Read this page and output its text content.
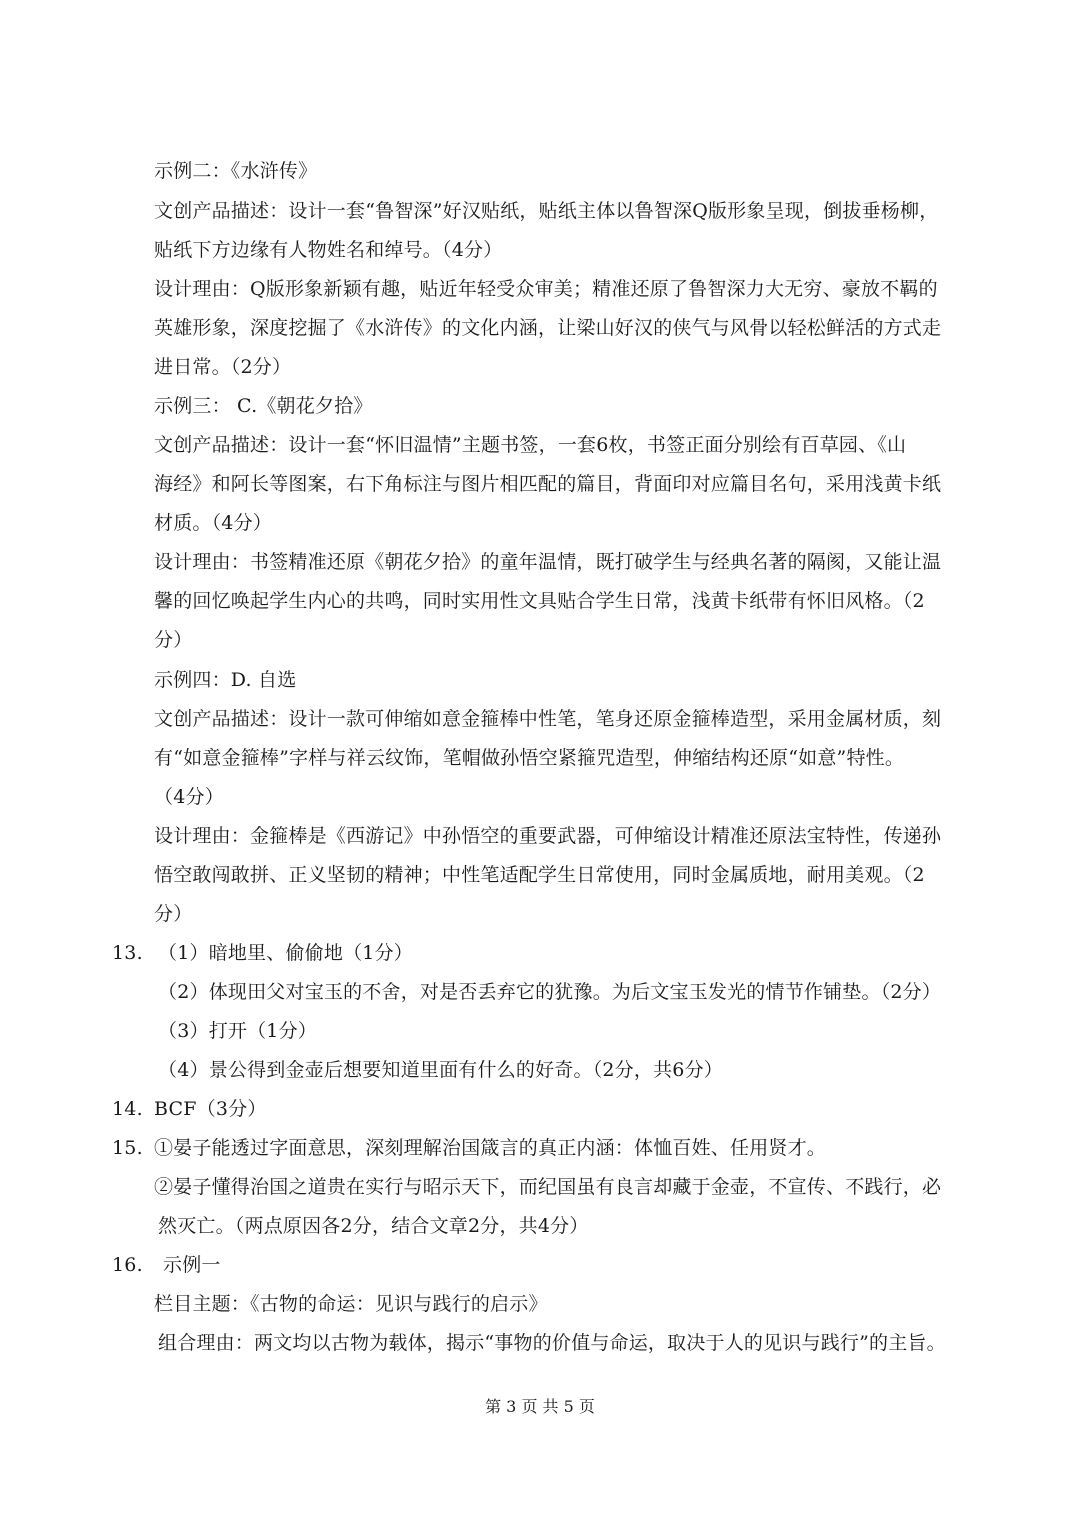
示例二：《水浒传》
文创产品描述：设计一套“鲁智深”好汉贴纸，贴纸主体以鲁智深Q版形象呈现，倒拔垂杨柳，
贴纸下方边缘有人物姓名和绰号。（4分）
设计理由：Q版形象新颖有趣，贴近年轻受众审美；精准还原了鲁智深力大无穷、豪放不羁的
英雄形象，深度挖掘了《水浒传》的文化内涵，让梁山好汉的侠气与风骨以轻松鲜活的方式走
进日常。（2分）
示例三： C.《朝花夕拾》
文创产品描述：设计一套“怀旧温情”主题书签，一套6枚，书签正面分别绘有百草园、《山
海经》和阿长等图案，右下角标注与图片相匹配的篇目，背面印对应篇目名句，采用浅黄卡纸
材质。（4分）
设计理由：书签精准还原《朝花夕拾》的童年温情，既打破学生与经典名著的隔阂，又能让温
馨的回忆唤起学生内心的共鸣，同时实用性文具贴合学生日常，浅黄卡纸带有怀旧风格。（2
分）
示例四：D. 自选
文创产品描述：设计一款可伸缩如意金箍棒中性笔，笔身还原金箍棒造型，采用金属材质，刻
有“如意金箍棒”字样与祥云纹饰，笔帽做孙悟空紧箍咒造型，伸缩结构还原“如意”特性。
（4分）
设计理由：金箍棒是《西游记》中孙悟空的重要武器，可伸缩设计精准还原法宝特性，传递孙
悟空敢闯敢拼、正义坚韧的精神；中性笔适配学生日常使用，同时金属质地，耐用美观。（2
分）
13. （1）暗地里、偷偷地（1分）
（2）体现田父对宝玉的不舍，对是否丢弃它的犹豫。为后文宝玉发光的情节作铺垫。（2分）
（3）打开（1分）
（4）景公得到金壶后想要知道里面有什么的好奇。（2分，共6分）
14. BCF（3分）
15. ①晏子能透过字面意思，深刻理解治国箴言的真正内涵：体恤百姓、任用贤才。
②晏子懂得治国之道贵在实行与昭示天下，而纪国虽有良言却藏于金壶，不宣传、不践行，必
然灭亡。（两点原因各2分，结合文章2分，共4分）
16. 示例一
栏目主题：《古物的命运：见识与践行的启示》
组合理由：两文均以古物为载体，揭示“事物的价值与命运，取决于人的见识与践行”的主旨。
第 3 页 共 5 页
